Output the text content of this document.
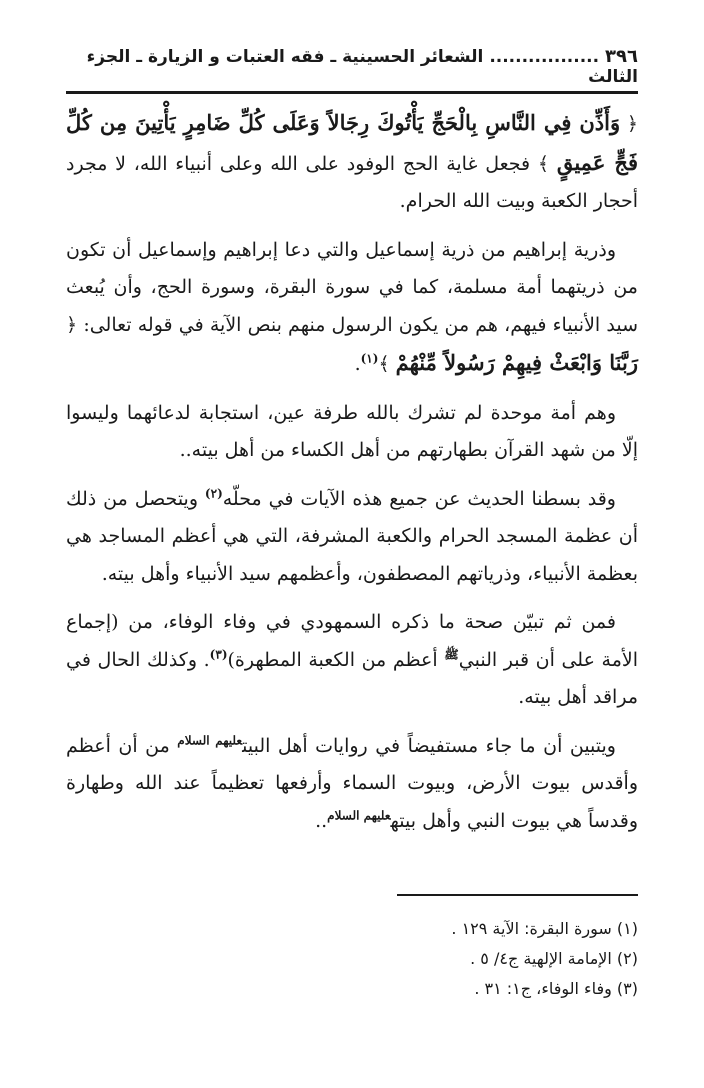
٣٩٦ ................. الشعائر الحسينية ـ فقه العتبات و الزيارة ـ الجزء الثالث

﴿ وَأَذِّن فِي النَّاسِ بِالْحَجِّ يَأْتُوكَ رِجَالاً وَعَلَى كُلِّ ضَامِرٍ يَأْتِينَ مِن كُلِّ فَجٍّ عَمِيقٍ ﴾ فجعل غاية الحج الوفود على الله وعلى أنبياء الله، لا مجرد أحجار الكعبة وبيت الله الحرام.

وذرية إبراهيم من ذرية إسماعيل والتي دعا إبراهيم وإسماعيل أن تكون من ذريتهما أمة مسلمة، كما في سورة البقرة، وسورة الحج، وأن يُبعث سيد الأنبياء فيهم، هم من يكون الرسول منهم بنص الآية في قوله تعالى: ﴿ رَبَّنَا وَابْعَثْ فِيهِمْ رَسُولاً مِّنْهُمْ ﴾$^{(١)}$.

وهم أمة موحدة لم تشرك بالله طرفة عين، استجابة لدعائهما وليسوا إلّا من شهد القرآن بطهارتهم من أهل الكساء من أهل بيته..

وقد بسطنا الحديث عن جميع هذه الآيات في محلّه$^{(٢)}$ ويتحصل من ذلك أن عظمة المسجد الحرام والكعبة المشرفة، التي هي أعظم المساجد هي بعظمة الأنبياء، وذرياتهم المصطفون، وأعظمهم سيد الأنبياء وأهل بيته.

فمن ثم تبيّن صحة ما ذكره السمهودي في وفاء الوفاء، من (إجماع الأمة على أن قبر النبي$^ﷺ$ أعظم من الكعبة المطهرة)$^{(٣)}$. وكذلك الحال في مراقد أهل بيته.

ويتبين أن ما جاء مستفيضاً في روايات أهل البيت$^{عليهم السلام}$ من أن أعظم وأقدس بيوت الأرض، وبيوت السماء وأرفعها تعظيماً عند الله وطهارة وقدساً هي بيوت النبي وأهل بيته$^{عليهم السلام}$..

(١) سورة البقرة: الآية ١٢٩ .
(٢) الإمامة الإلهية ج٤/ ٥ .
(٣) وفاء الوفاء، ج١: ٣١ .
